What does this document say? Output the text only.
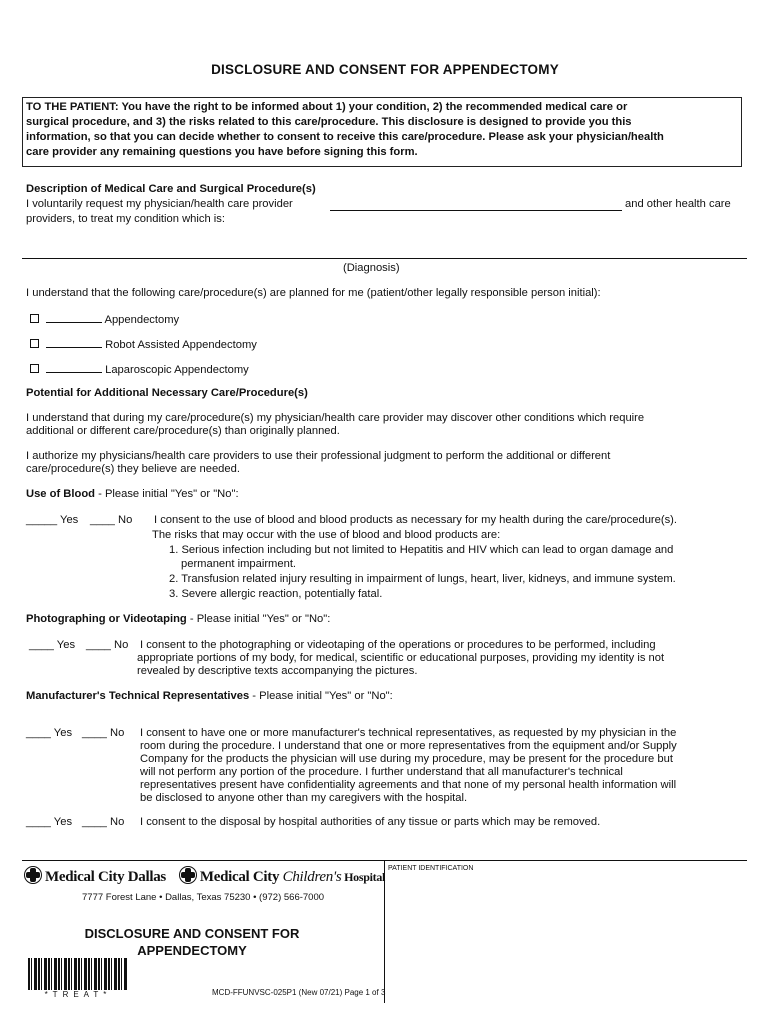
DISCLOSURE AND CONSENT FOR APPENDECTOMY
TO THE PATIENT: You have the right to be informed about 1) your condition, 2) the recommended medical care or
surgical procedure, and 3) the risks related to this care/procedure. This disclosure is designed to provide you this
information, so that you can decide whether to consent to receive this care/procedure. Please ask your physician/health
care provider any remaining questions you have before signing this form.
Description of Medical Care and Surgical Procedure(s)
I voluntarily request my physician/health care provider	and other health care
providers, to treat my condition which is:
(Diagnosis)
I understand that the following care/procedure(s) are planned for me (patient/other legally responsible person initial):
Appendectomy
Robot Assisted Appendectomy
Laparoscopic Appendectomy
Potential for Additional Necessary Care/Procedure(s)
I understand that during my care/procedure(s) my physician/health care provider may discover other conditions which require
additional or different care/procedure(s) than originally planned.
I authorize my physicians/health care providers to use their professional judgment to perform the additional or different
care/procedure(s) they believe are needed.
Use of Blood - Please initial "Yes" or "No":
_____ Yes ____ No I consent to the use of blood and blood products as necessary for my health during the care/procedure(s).
The risks that may occur with the use of blood and blood products are:
1. Serious infection including but not limited to Hepatitis and HIV which can lead to organ damage and
permanent impairment.
2. Transfusion related injury resulting in impairment of lungs, heart, liver, kidneys, and immune system.
3. Severe allergic reaction, potentially fatal.
Photographing or Videotaping - Please initial "Yes" or "No":
____ Yes ____ No I consent to the photographing or videotaping of the operations or procedures to be performed, including
appropriate portions of my body, for medical, scientific or educational purposes, providing my identity is not
revealed by descriptive texts accompanying the pictures.
Manufacturer's Technical Representatives - Please initial "Yes" or "No":
____ Yes ____ No I consent to have one or more manufacturer's technical representatives, as requested by my physician in the
room during the procedure. I understand that one or more representatives from the equipment and/or Supply
Company for the products the physician will use during my procedure, may be present for the procedure but
will not perform any portion of the procedure. I further understand that all manufacturer's technical
representatives present have confidentiality agreements and that none of my personal health information will
be disclosed to anyone other than my caregivers with the hospital.
____ Yes ____ No I consent to the disposal by hospital authorities of any tissue or parts which may be removed.
Medical City Dallas Medical City Children's Hospital
7777 Forest Lane • Dallas, Texas 75230 • (972) 566-7000
DISCLOSURE AND CONSENT FOR
APPENDECTOMY
*TREAT*	MCD-FFUNVSC-025P1 (New 07/21) Page 1 of 3
PATIENT IDENTIFICATION
